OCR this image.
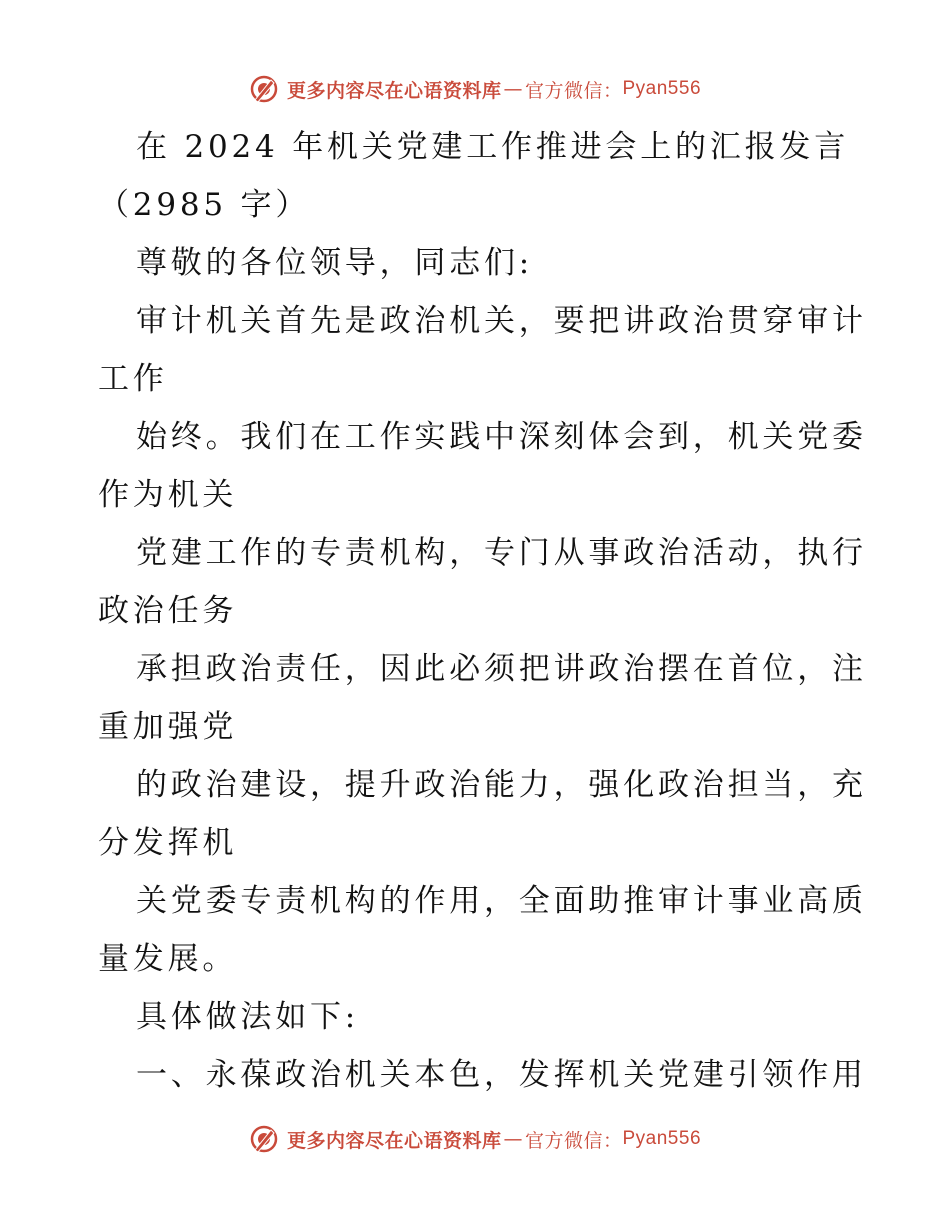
更多内容尽在心语资料库 — 官方微信： Pyan556
在 2024 年机关党建工作推进会上的汇报发言
（2985 字）
尊敬的各位领导，同志们:
审计机关首先是政治机关，要把讲政治贯穿审计
工作
始终。我们在工作实践中深刻体会到，机关党委
作为机关
党建工作的专责机构，专门从事政治活动，执行
政治任务
承担政治责任，因此必须把讲政治摆在首位，注
重加强党
的政治建设，提升政治能力，强化政治担当，充
分发挥机
关党委专责机构的作用，全面助推审计事业高质
量发展。
具体做法如下:
一、永葆政治机关本色，发挥机关党建引领作用
更多内容尽在心语资料库 — 官方微信： Pyan556
